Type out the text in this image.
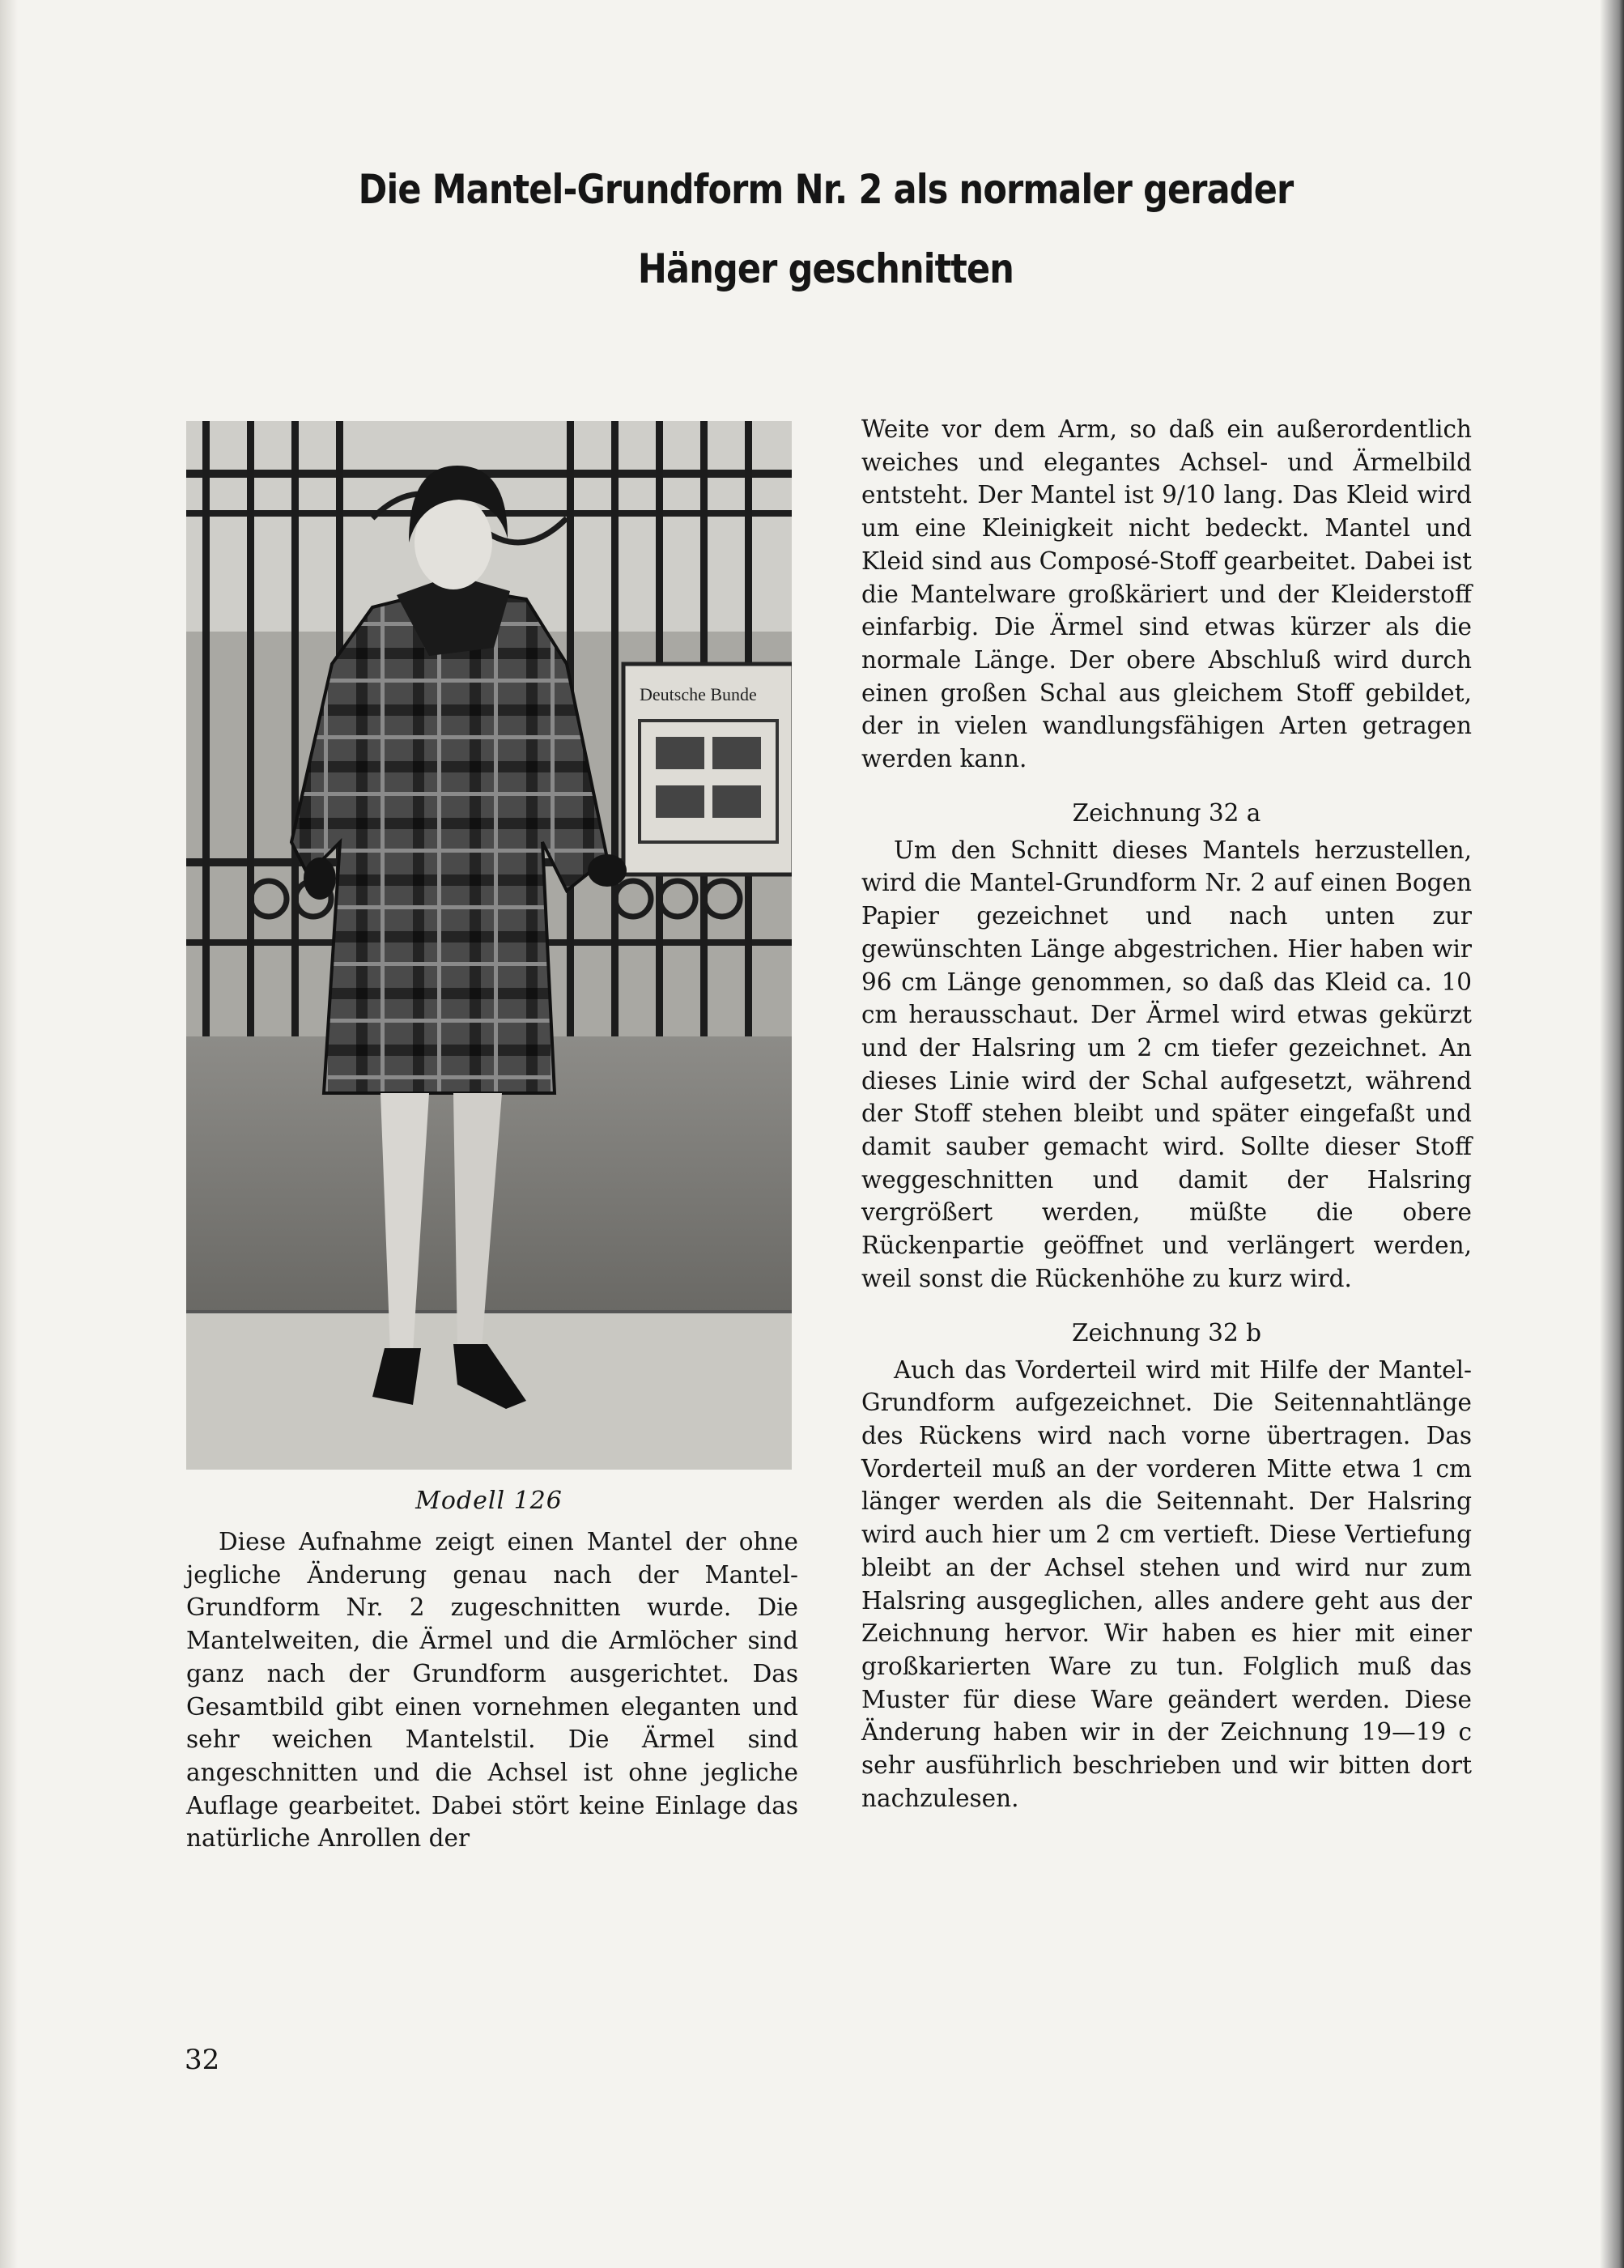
Die Mantel-Grundform Nr. 2 als normaler gerader
Hänger geschnitten
Deutsche Bunde
Modell 126

Diese Aufnahme zeigt einen Mantel der ohne jegliche Änderung genau nach der Mantel-Grundform Nr. 2 zugeschnitten wurde. Die Mantelweiten, die Ärmel und die Armlöcher sind ganz nach der Grundform ausgerichtet. Das Gesamtbild gibt einen vornehmen eleganten und sehr weichen Mantelstil. Die Ärmel sind angeschnitten und die Achsel ist ohne jegliche Auflage gearbeitet. Dabei stört keine Einlage das natürliche Anrollen der

Weite vor dem Arm, so daß ein außerordentlich weiches und elegantes Achsel- und Ärmelbild entsteht. Der Mantel ist 9/10 lang. Das Kleid wird um eine Kleinigkeit nicht bedeckt. Mantel und Kleid sind aus Composé-Stoff gearbeitet. Dabei ist die Mantelware großkäriert und der Kleiderstoff einfarbig. Die Ärmel sind etwas kürzer als die normale Länge. Der obere Abschluß wird durch einen großen Schal aus gleichem Stoff gebildet, der in vielen wandlungsfähigen Arten getragen werden kann.

Zeichnung 32 a

Um den Schnitt dieses Mantels herzustellen, wird die Mantel-Grundform Nr. 2 auf einen Bogen Papier gezeichnet und nach unten zur gewünschten Länge abgestrichen. Hier haben wir 96 cm Länge genommen, so daß das Kleid ca. 10 cm herausschaut. Der Ärmel wird etwas gekürzt und der Halsring um 2 cm tiefer gezeichnet. An dieses Linie wird der Schal aufgesetzt, während der Stoff stehen bleibt und später eingefaßt und damit sauber gemacht wird. Sollte dieser Stoff weggeschnitten und damit der Halsring vergrößert werden, müßte die obere Rückenpartie geöffnet und verlängert werden, weil sonst die Rückenhöhe zu kurz wird.

Zeichnung 32 b

Auch das Vorderteil wird mit Hilfe der Mantel-Grundform aufgezeichnet. Die Seitennahtlänge des Rückens wird nach vorne übertragen. Das Vorderteil muß an der vorderen Mitte etwa 1 cm länger werden als die Seitennaht. Der Halsring wird auch hier um 2 cm vertieft. Diese Vertiefung bleibt an der Achsel stehen und wird nur zum Halsring ausgeglichen, alles andere geht aus der Zeichnung hervor. Wir haben es hier mit einer großkarierten Ware zu tun. Folglich muß das Muster für diese Ware geändert werden. Diese Änderung haben wir in der Zeichnung 19—19 c sehr ausführlich beschrieben und wir bitten dort nachzulesen.

32
